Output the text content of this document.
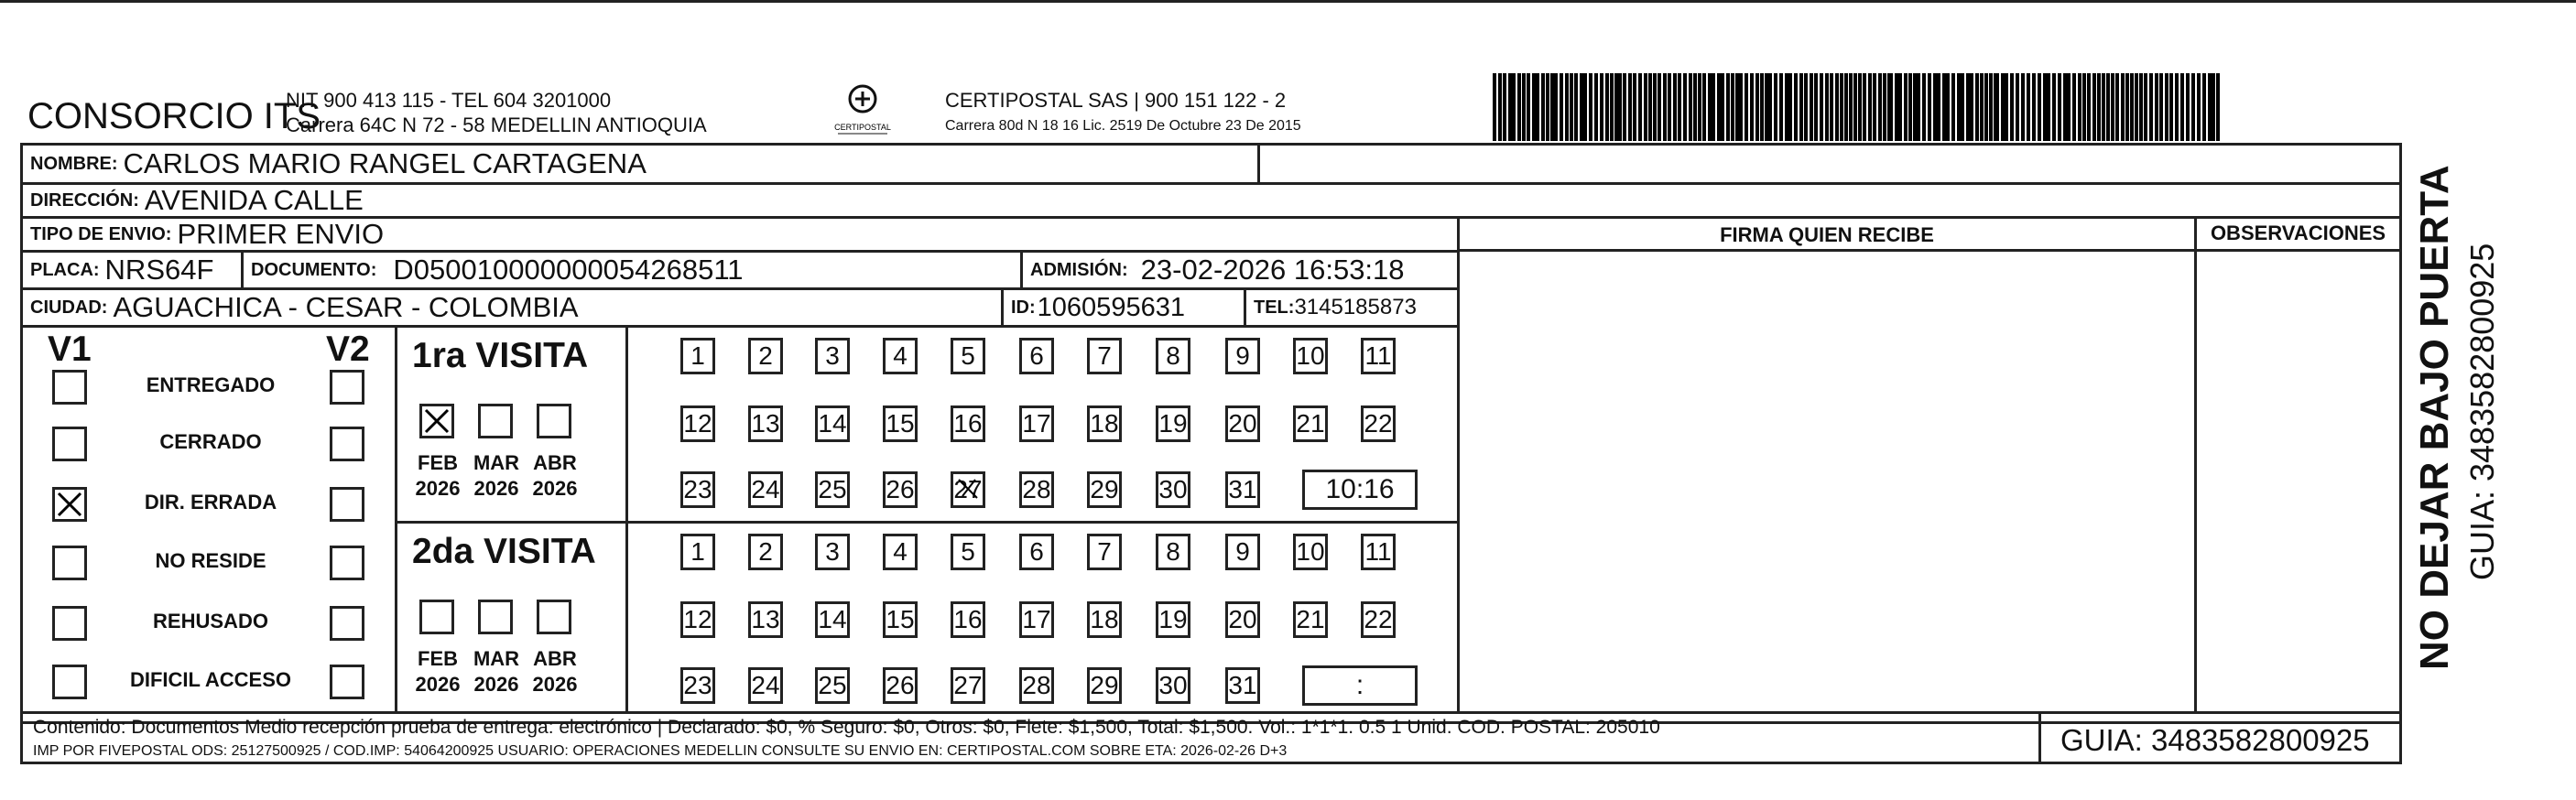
CONSORCIO ITS
NIT 900 413 115 - TEL 604 3201000
Carrera 64C N 72 - 58 MEDELLIN ANTIOQUIA	CERTIPOSTAL
CERTIPOSTAL SAS | 900 151 122 - 2
Carrera 80d N 18 16 Lic. 2519 De Octubre 23 De 2015
NOMBRE: CARLOS MARIO RANGEL CARTAGENA
DIRECCIÓN: AVENIDA CALLE
TIPO DE ENVIO: PRIMER ENVIO
PLACA: NRS64F DOCUMENTO: D050010000000054268511	ADMISIÓN: 23-02-2026 16:53:18
CIUDAD: AGUACHICA - CESAR - COLOMBIA	ID: 1060595631	TEL: 3145185873
FIRMA QUIEN RECIBE	OBSERVACIONES
V1	V2
ENTREGADO
CERRADO
DIR. ERRADA
NO RESIDE
REHUSADO
DIFICIL ACCESO
1ra VISITA
FEB
2026
MAR
2026
ABR
2026
1	2	3	4	5	6	7	8	9	10 11
12 13 14 15 16 17 18 19 20 21 22
23 24 25 26 27 28 29 30 31	10:16
2da VISITA
FEB
2026
MAR
2026
ABR
2026
1	2	3	4	5	6	7	8	9	10 11
12 13 14 15 16 17 18 19 20 21 22
23 24 25 26 27 28 29 30 31	:
Contenido: Documentos Medio recepción prueba de entrega: electrónico | Declarado: $0, % Seguro: $0, Otros: $0, Flete: $1,500, Total: $1,500. Vol.: 1*1*1. 0.5 1 Unid. COD. POSTAL: 205010
IMP POR FIVEPOSTAL ODS: 25127500925 / COD.IMP: 54064200925 USUARIO: OPERACIONES MEDELLIN CONSULTE SU ENVIO EN: CERTIPOSTAL.COM SOBRE ETA: 2026-02-26 D+3	GUIA: 3483582800925
NO DEJAR BAJO PUERTA GUIA: 3483582800925
